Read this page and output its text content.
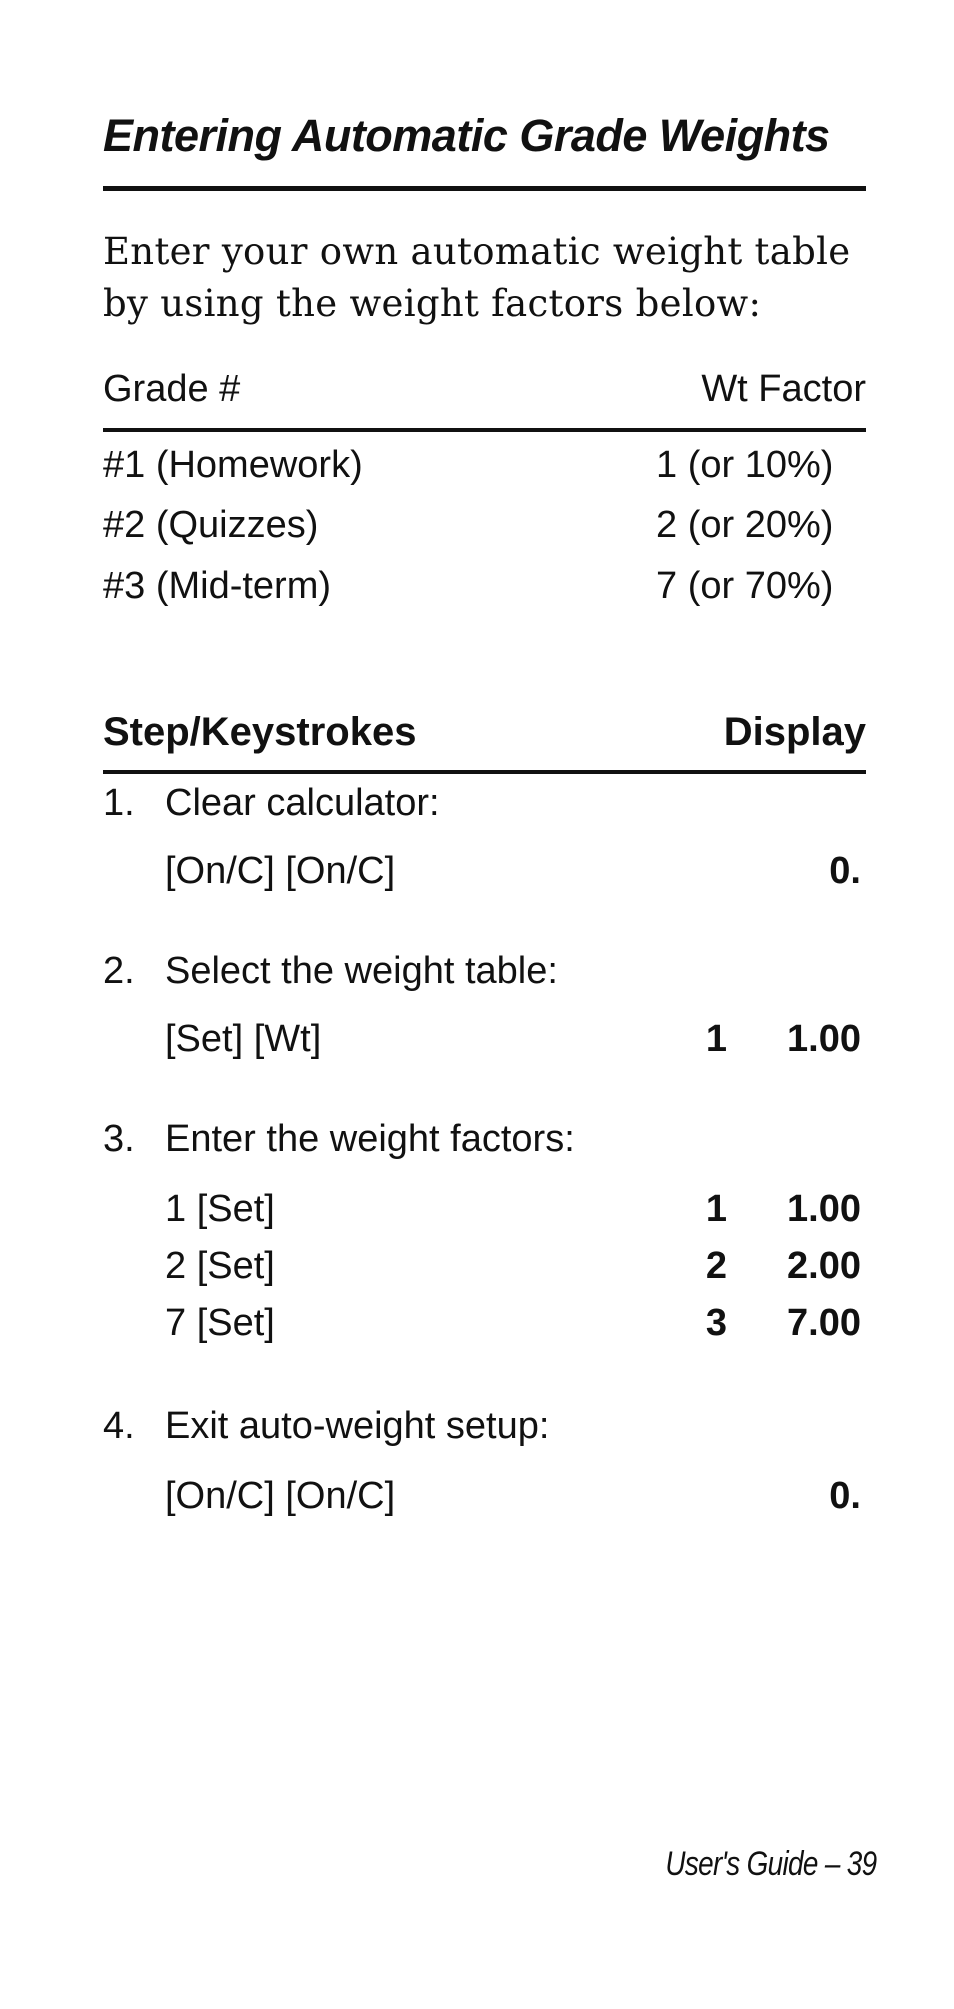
Entering Automatic Grade Weights

Enter your own automatic weight table by using the weight factors below:

Grade #	Wt Factor
#1 (Homework)	1 (or 10%)
#2 (Quizzes)	2 (or 20%)
#3 (Mid-term)	7 (or 70%)
Step/Keystrokes	Display
1. Clear calculator:
[On/C] [On/C]	0.
2. Select the weight table:
[Set] [Wt]	1 1.00
3. Enter the weight factors:
1 [Set]	1 1.00
2 [Set]	2 2.00
7 [Set]	3 7.00
4. Exit auto-weight setup:
[On/C] [On/C]	0.
User's Guide – 39
